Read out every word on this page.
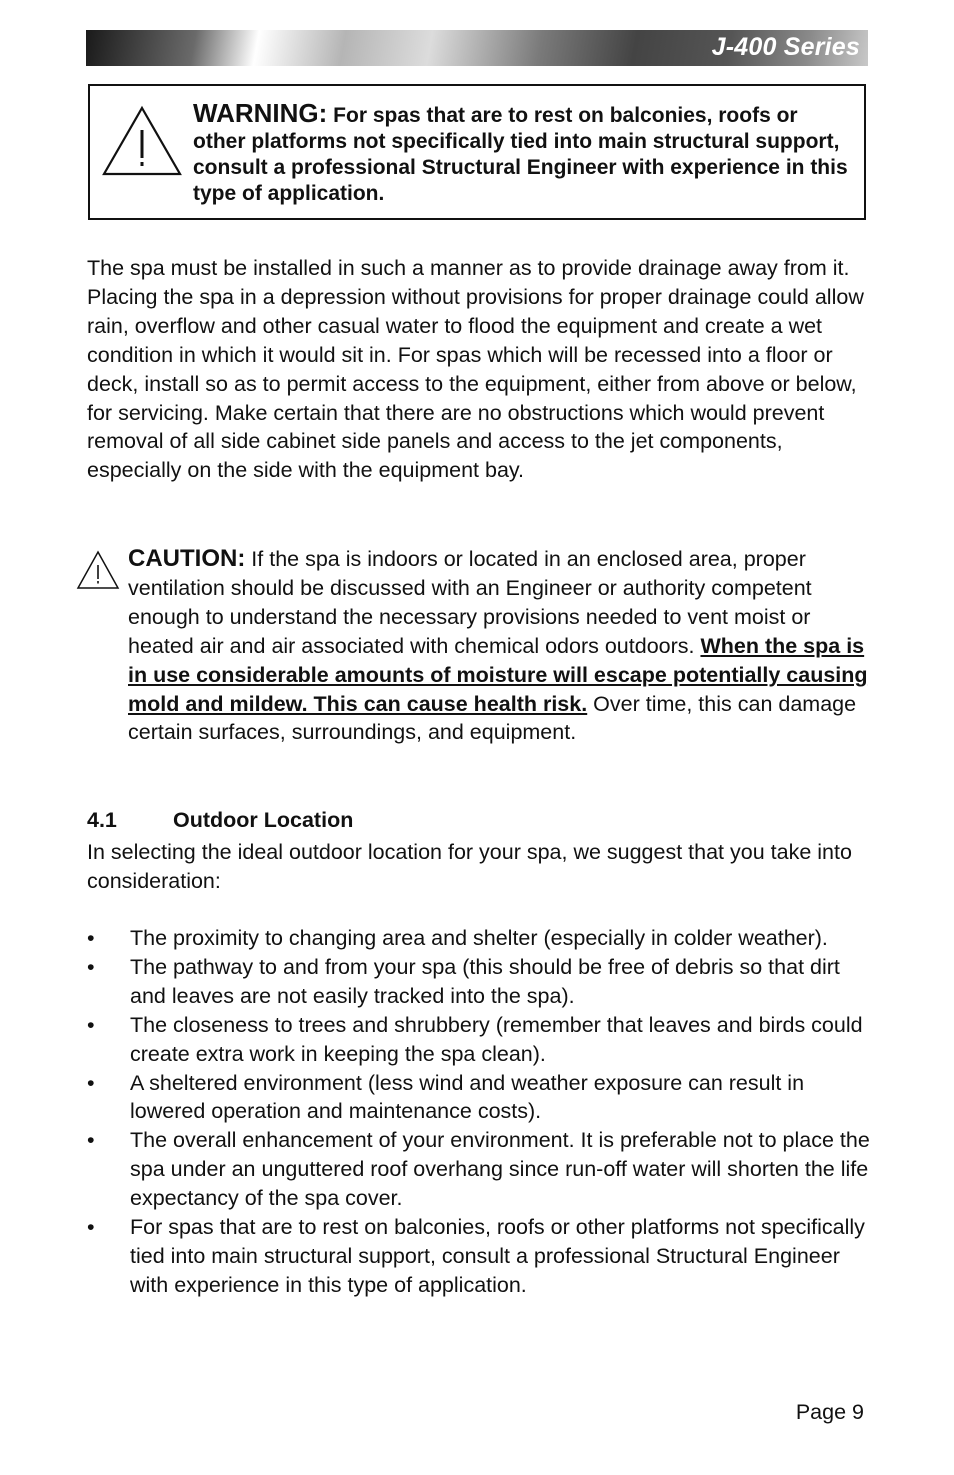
J-400 Series
WARNING: For spas that are to rest on balconies, roofs or other platforms not specifically tied into main structural support, consult a professional Structural Engineer with experience in this type of application.

The spa must be installed in such a manner as to provide drainage away from it. Placing the spa in a depression without provisions for proper drainage could allow rain, overflow and other casual water to flood the equipment and create a wet condition in which it would sit in. For spas which will be recessed into a floor or deck, install so as to permit access to the equipment, either from above or below, for servicing. Make certain that there are no obstructions which would prevent removal of all side cabinet side panels and access to the jet components, especially on the side with the equipment bay.

CAUTION: If the spa is indoors or located in an enclosed area, proper ventilation should be discussed with an Engineer or authority competent enough to understand the necessary provisions needed to vent moist or heated air and air associated with chemical odors outdoors. When the spa is in use considerable amounts of moisture will escape potentially causing mold and mildew. This can cause health risk. Over time, this can damage certain surfaces, surroundings, and equipment.

4.1	Outdoor Location

In selecting the ideal outdoor location for your spa, we suggest that you take into consideration:

• The proximity to changing area and shelter (especially in colder weather).
• The pathway to and from your spa (this should be free of debris so that dirt and leaves are not easily tracked into the spa).
• The closeness to trees and shrubbery (remember that leaves and birds could create extra work in keeping the spa clean).
• A sheltered environment (less wind and weather exposure can result in lowered operation and maintenance costs).
• The overall enhancement of your environment. It is preferable not to place the spa under an unguttered roof overhang since run-off water will shorten the life expectancy of the spa cover.
• For spas that are to rest on balconies, roofs or other platforms not specifically tied into main structural support, consult a professional Structural Engineer with experience in this type of application.
Page 9
